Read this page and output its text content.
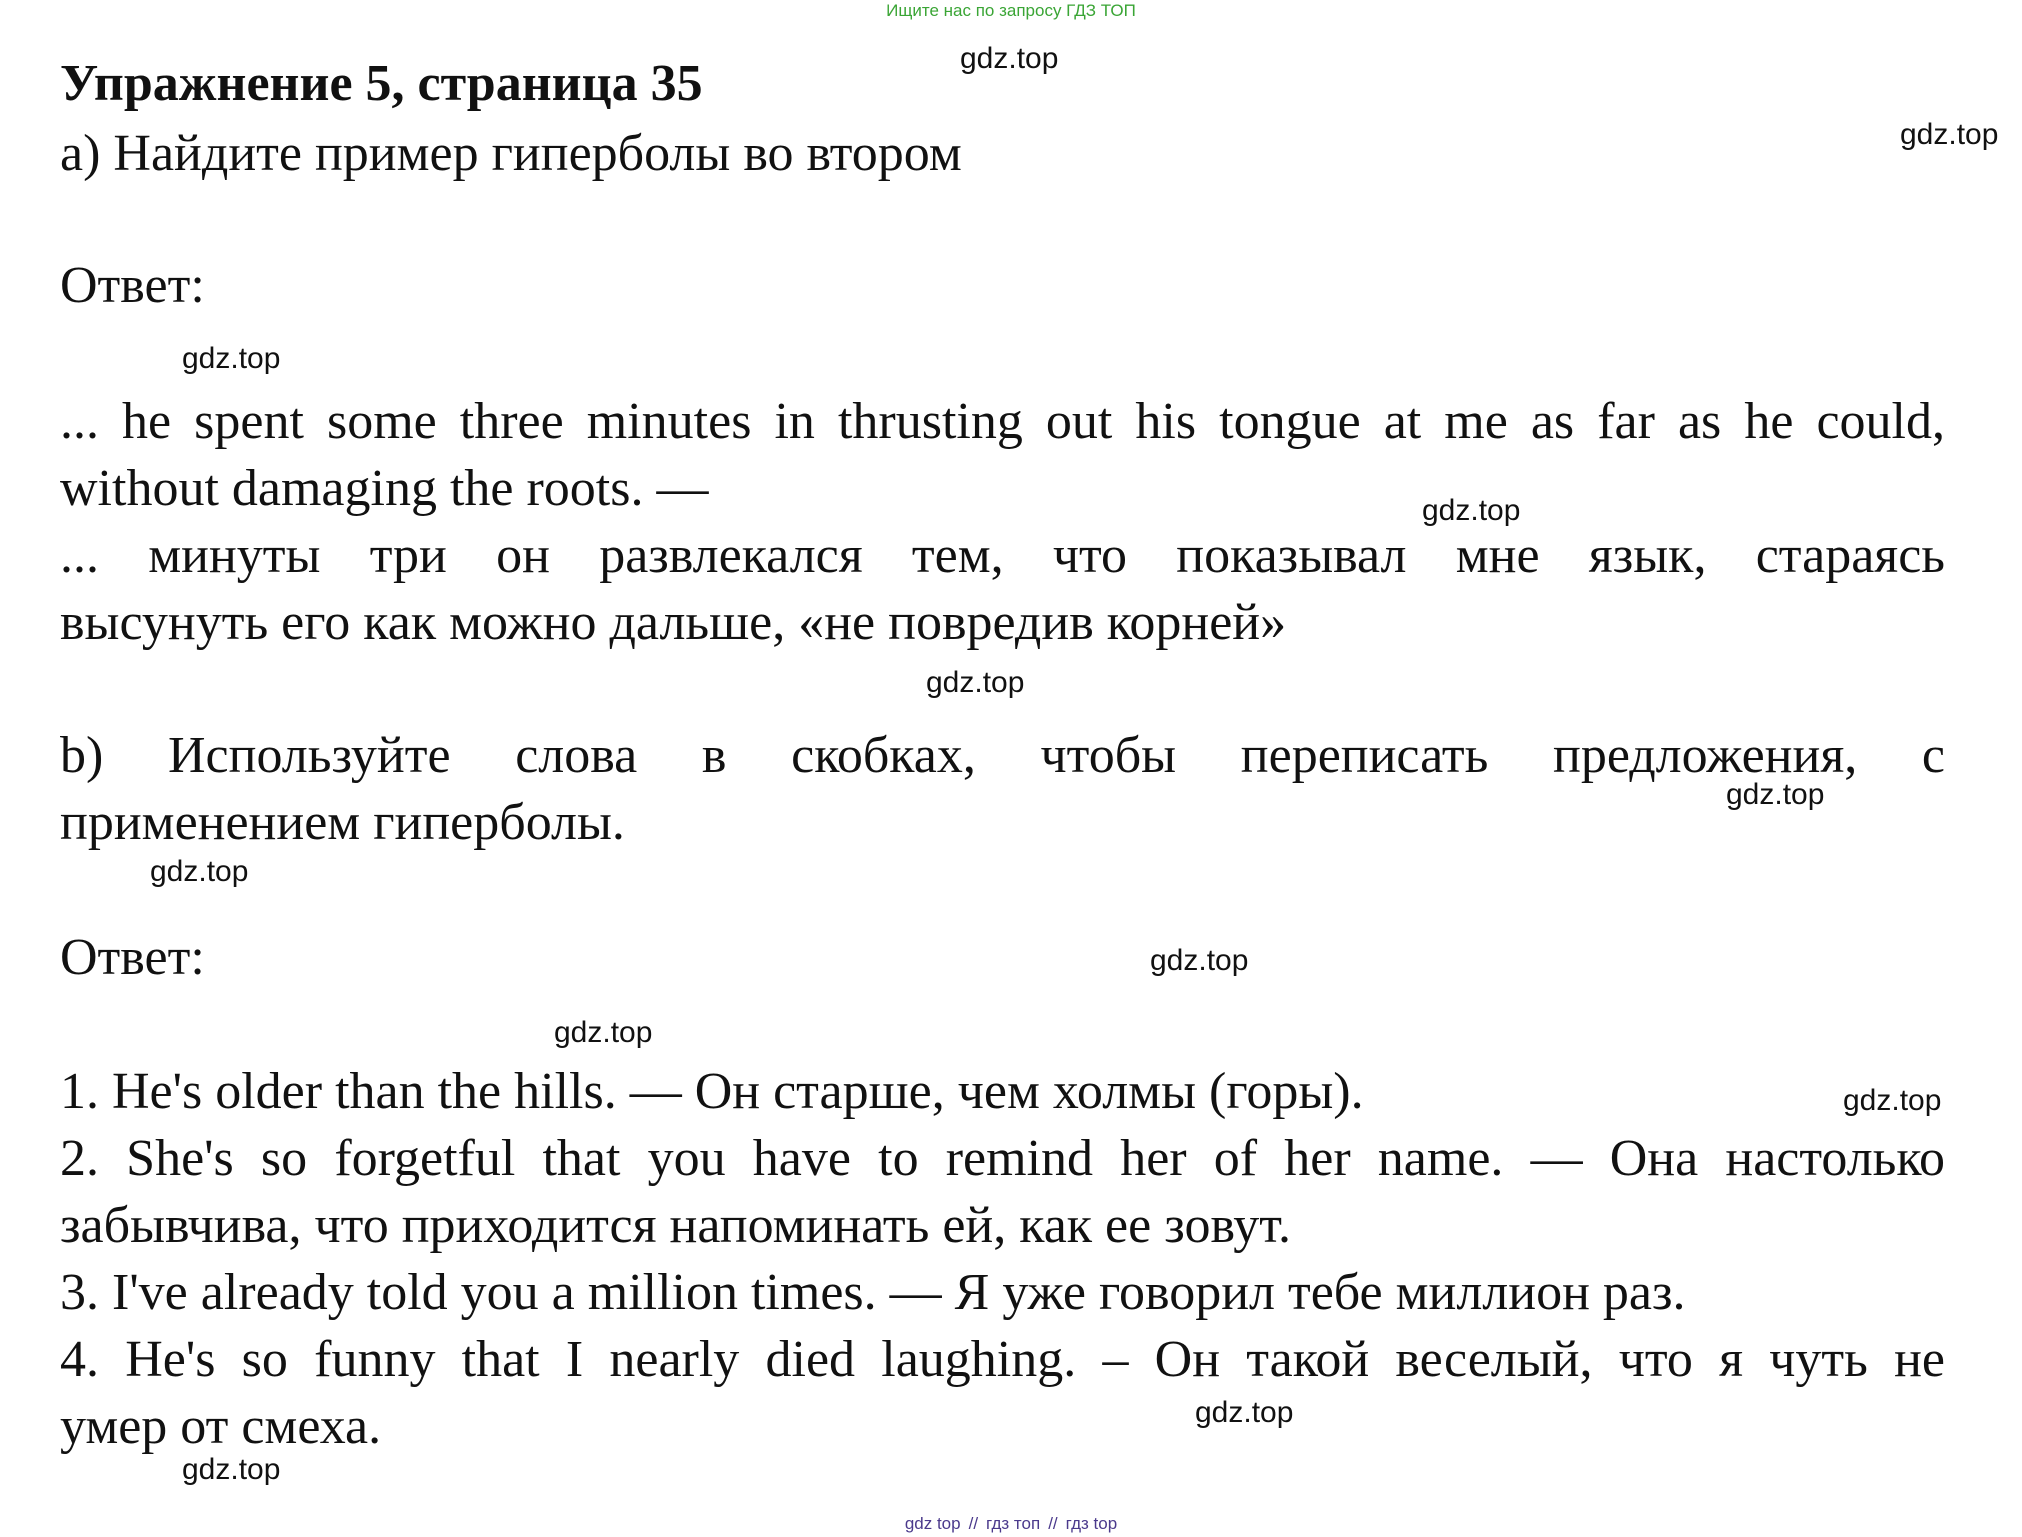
Ищите нас по запросу ГДЗ ТОП
Упражнение 5, страница 35

a) Найдите пример гиперболы во втором

Ответ:

... he spent some three minutes in thrusting out his tongue at me as far as he could,

without damaging the roots. —

... минуты три он развлекался тем, что показывал мне язык, стараясь

высунуть его как можно дальше, «не повредив корней»

b) Используйте слова в скобках, чтобы переписать предложения, с

применением гиперболы.

Ответ:

1. He's older than the hills. — Он старше, чем холмы (горы).

2. She's so forgetful that you have to remind her of her name. — Она настолько

забывчива, что приходится напоминать ей, как ее зовут.

3. I've already told you a million times. — Я уже говорил тебе миллион раз.

4. He's so funny that I nearly died laughing. – Он такой веселый, что я чуть не

умер от смеха.

gdz.top
gdz.top
gdz.top
gdz.top
gdz.top
gdz.top
gdz.top
gdz.top
gdz.top
gdz.top
gdz.top
gdz.top
gdz top // гдз топ // гдз top
